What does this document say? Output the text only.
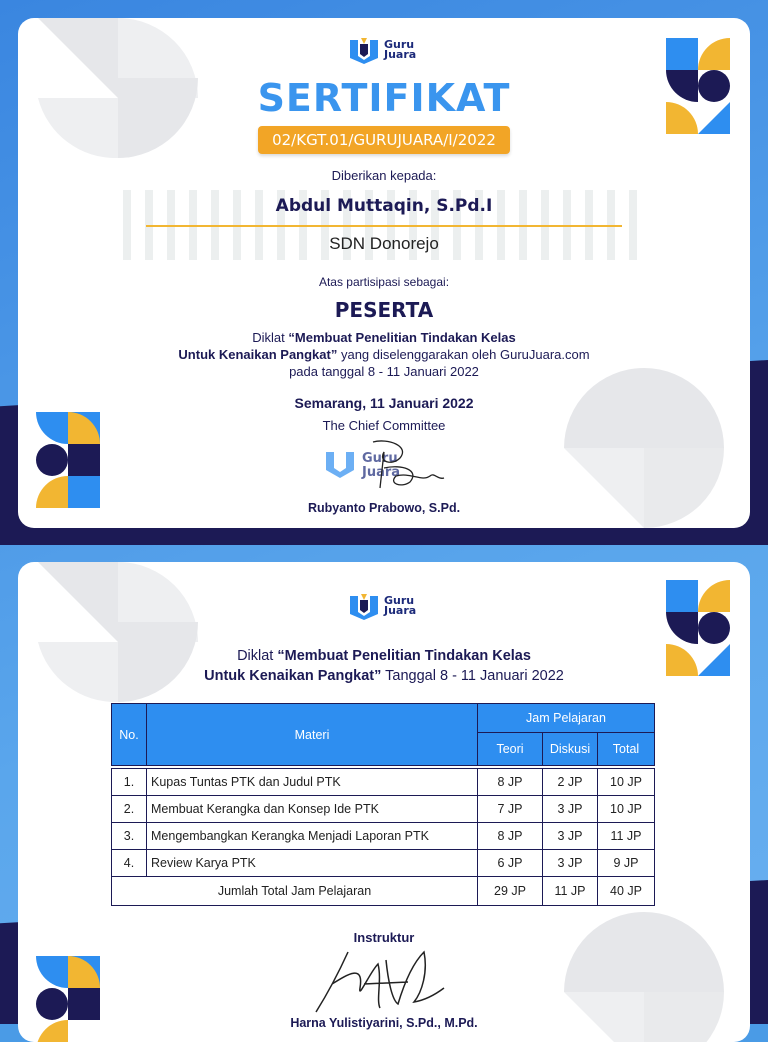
Guru
Juara
SERTIFIKAT
02/KGT.01/GURUJUARA/I/2022
Diberikan kepada:
Abdul Muttaqin, S.Pd.I
SDN Donorejo
Atas partisipasi sebagai:
PESERTA
Diklat “Membuat Penelitian Tindakan Kelas
Untuk Kenaikan Pangkat” yang diselenggarakan oleh GuruJuara.com
pada tanggal 8 - 11 Januari 2022
Semarang, 11 Januari 2022
The Chief Committee
Guru
Juara
Rubyanto Prabowo, S.Pd.
Guru
Juara
Diklat “Membuat Penelitian Tindakan Kelas
Untuk Kenaikan Pangkat” Tanggal 8 - 11 Januari 2022
No.	Materi	Jam Pelajaran		
		Teori	Diskusi	Total

1.	Kupas Tuntas PTK dan Judul PTK	8 JP	2 JP	10 JP
2.	Membuat Kerangka dan Konsep Ide PTK	7 JP	3 JP	10 JP
3.	Mengembangkan Kerangka Menjadi Laporan PTK	8 JP	3 JP	11 JP
4.	Review Karya PTK	6 JP	3 JP	9 JP
Jumlah Total Jam Pelajaran		29 JP	11 JP	40 JP
Instruktur
Harna Yulistiyarini, S.Pd., M.Pd.
